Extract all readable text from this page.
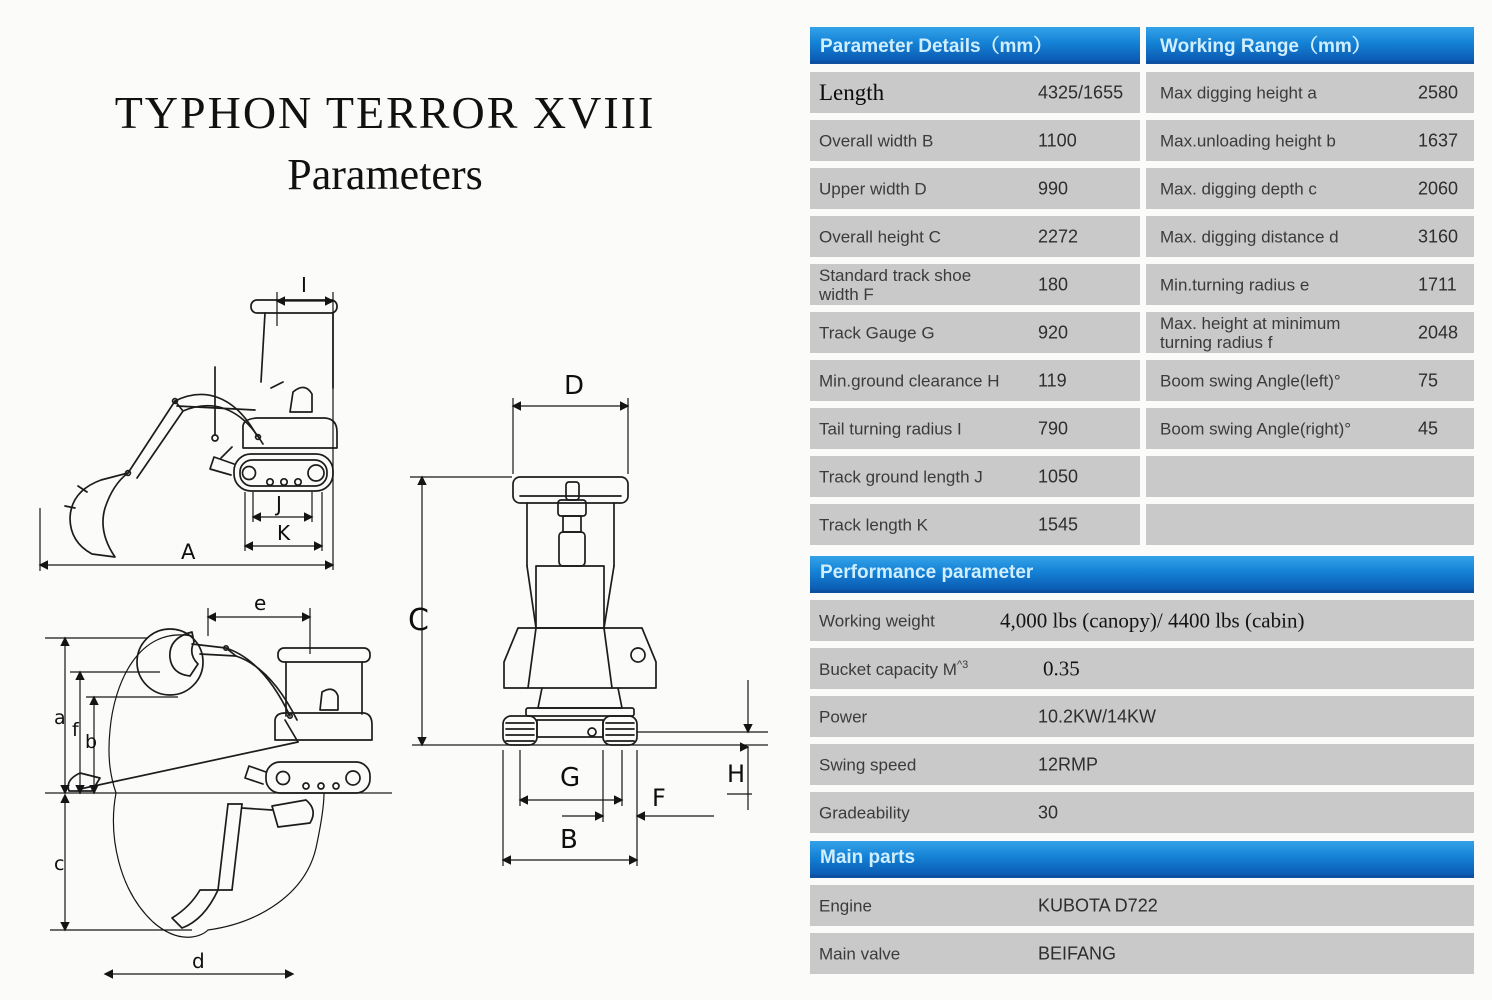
TYPHON TERROR XVIII
Parameters
I
J
K
A
D
C
G
F
H
B
e
a
f
b
c
d
Parameter Details（mm）	Working Range（mm）
Length	4325/1655 Max digging height a	2580
Overall width B	1100	Max.unloading height b	1637
Upper width D	990	Max. digging depth c	2060
Overall height C	2272	Max. digging distance d	3160
Standard track shoe width F	180	Min.turning radius e	1711
Track Gauge G	920	Max. height at minimum turning radius f	2048
Min.ground clearance H	119	Boom swing Angle(left)°	75
Tail turning radius I	790	Boom swing Angle(right)°	45
Track ground length J	1050
Track length K	1545
Performance parameter
Working weight	4,000 lbs (canopy)/ 4400 lbs (cabin)
Bucket capacity $M^{\^{}3}$	0.35
Power	10.2KW/14KW
Swing speed	12RMP
Gradeability	30
Main parts
Engine	KUBOTA D722
Main valve	BEIFANG
